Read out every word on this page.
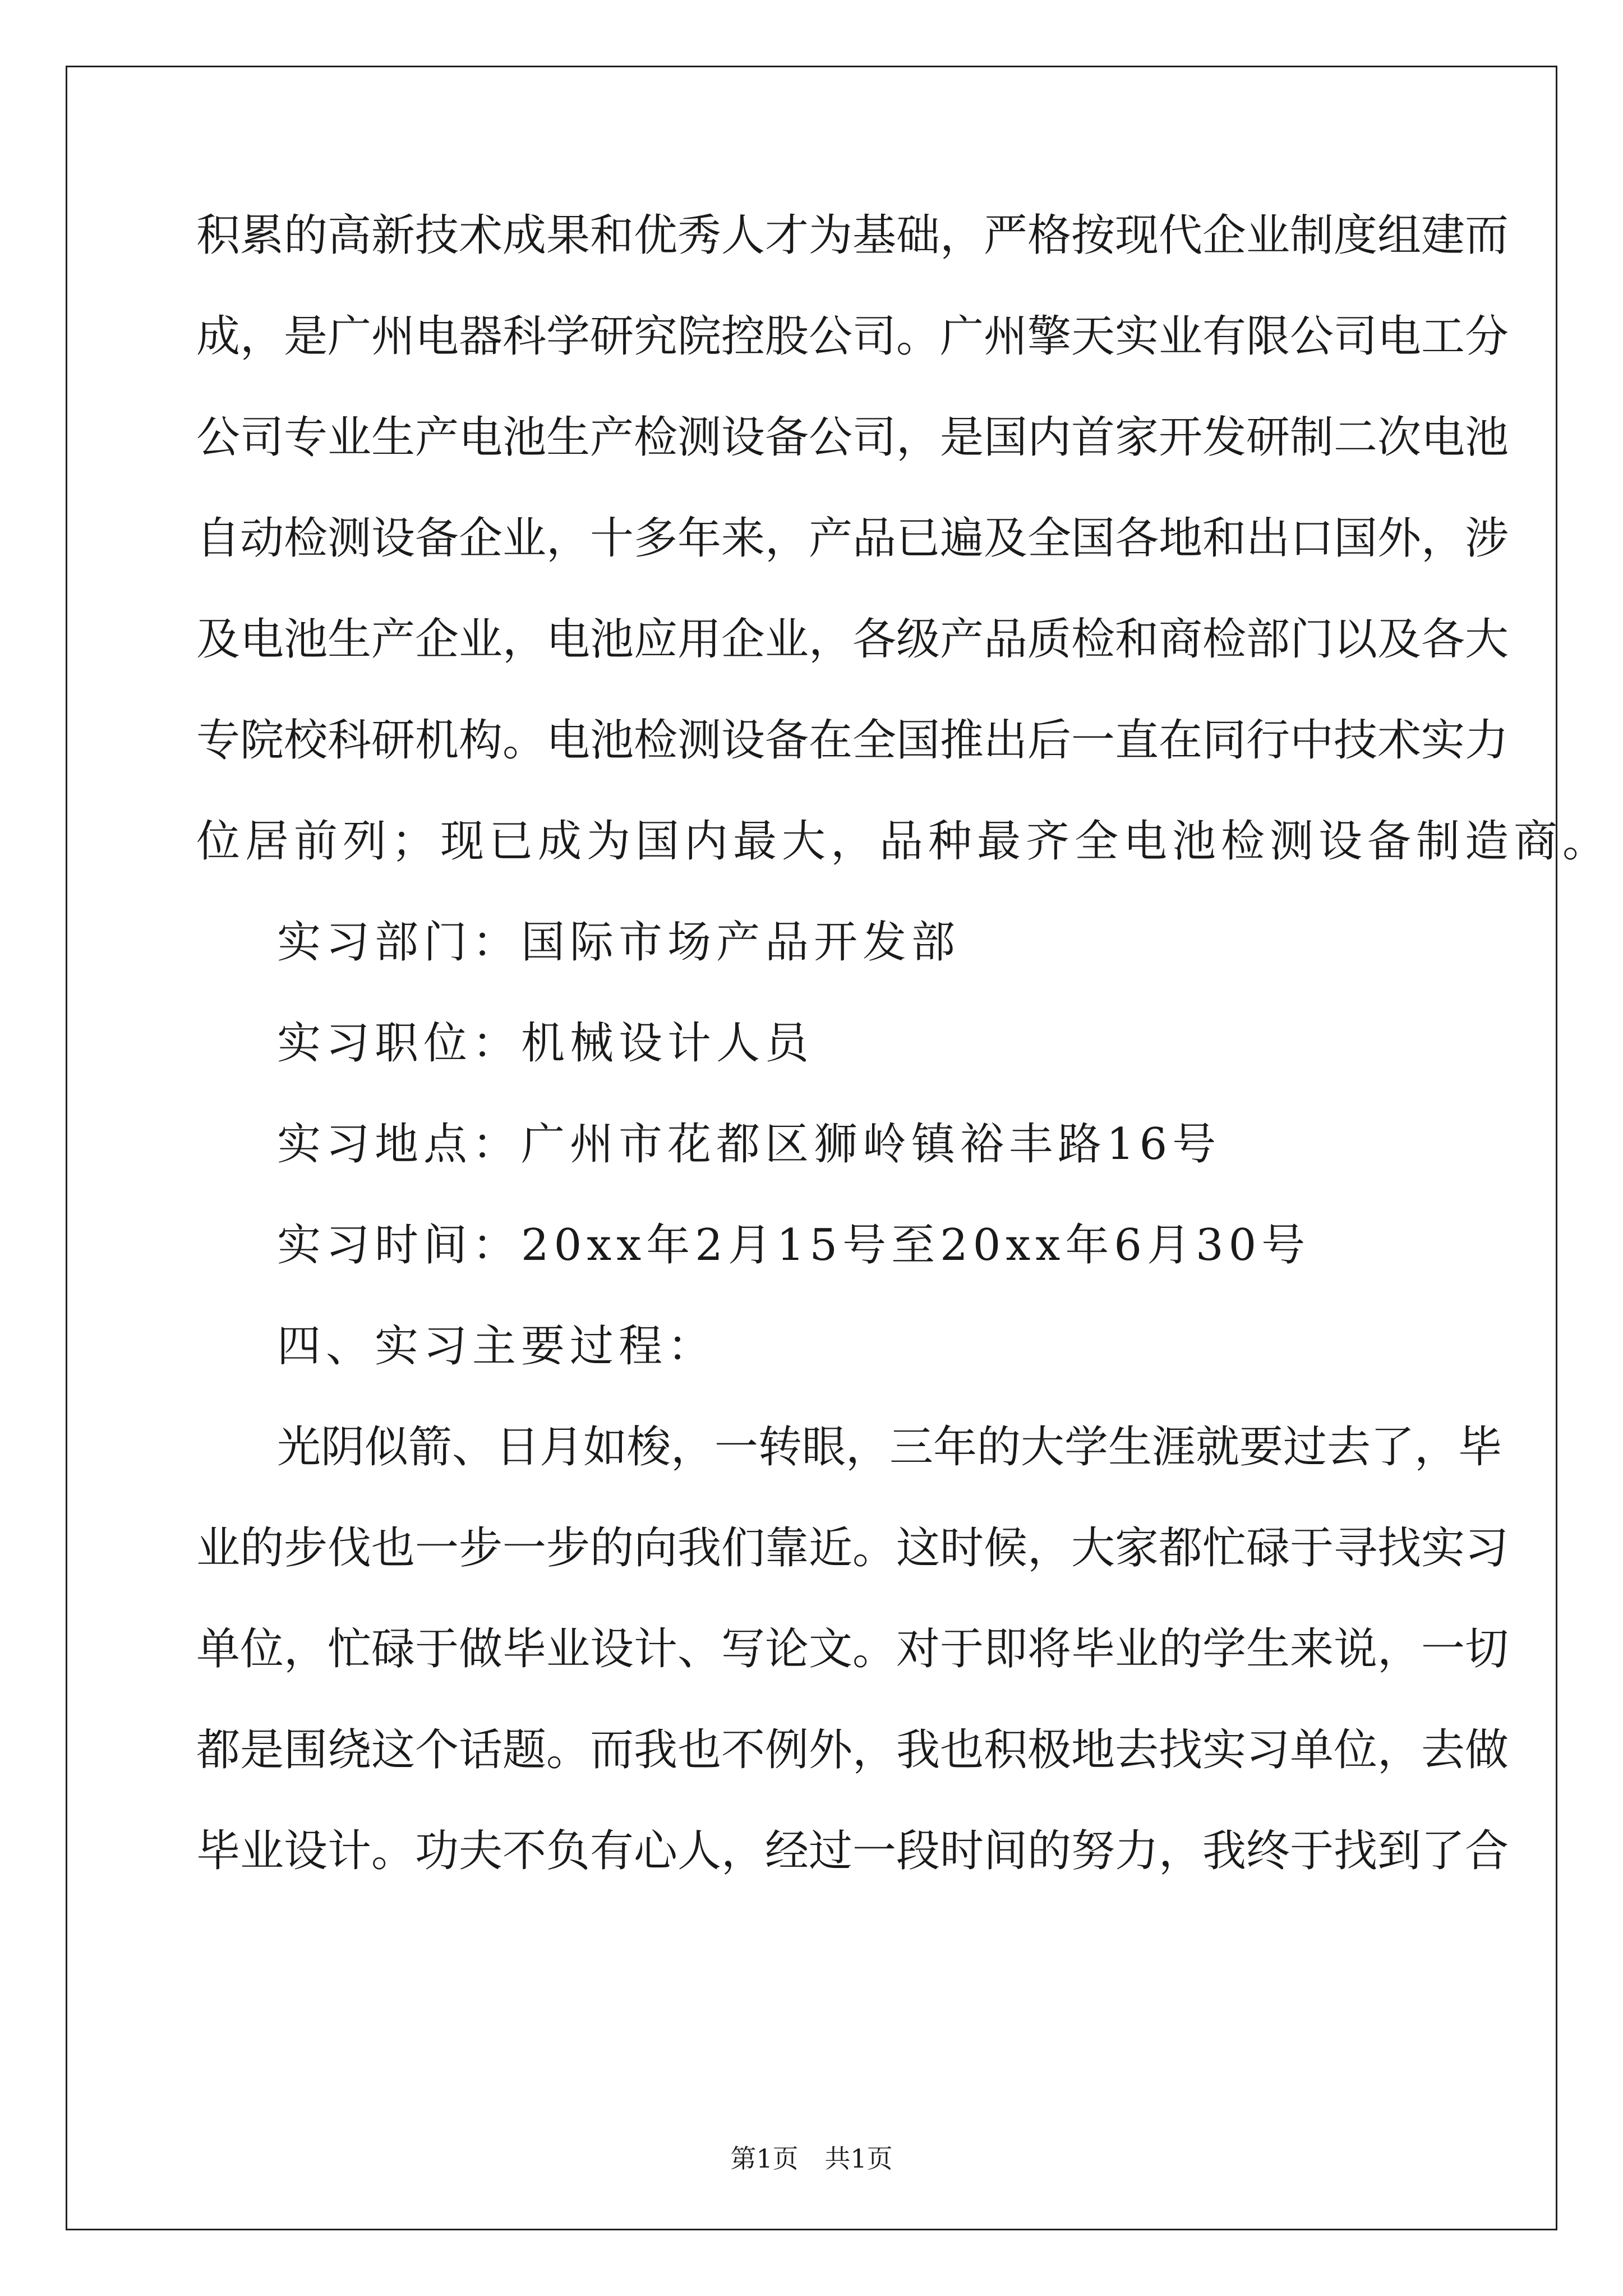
积累的高新技术成果和优秀人才为基础，严格按现代企业制度组建而
成，是广州电器科学研究院控股公司。广州擎天实业有限公司电工分
公司专业生产电池生产检测设备公司，是国内首家开发研制二次电池
自动检测设备企业，十多年来，产品已遍及全国各地和出口国外，涉
及电池生产企业，电池应用企业，各级产品质检和商检部门以及各大
专院校科研机构。电池检测设备在全国推出后一直在同行中技术实力
位居前列；现已成为国内最大，品种最齐全电池检测设备制造商。
实习部门：国际市场产品开发部
实习职位：机械设计人员
实习地点：广州市花都区狮岭镇裕丰路16号
实习时间：20xx年2月15号至20xx年6月30号
四、实习主要过程：
光阴似箭、日月如梭，一转眼，三年的大学生涯就要过去了，毕
业的步伐也一步一步的向我们靠近。这时候，大家都忙碌于寻找实习
单位，忙碌于做毕业设计、写论文。对于即将毕业的学生来说，一切
都是围绕这个话题。而我也不例外，我也积极地去找实习单位，去做
毕业设计。功夫不负有心人，经过一段时间的努力，我终于找到了合
第1页 共1页
